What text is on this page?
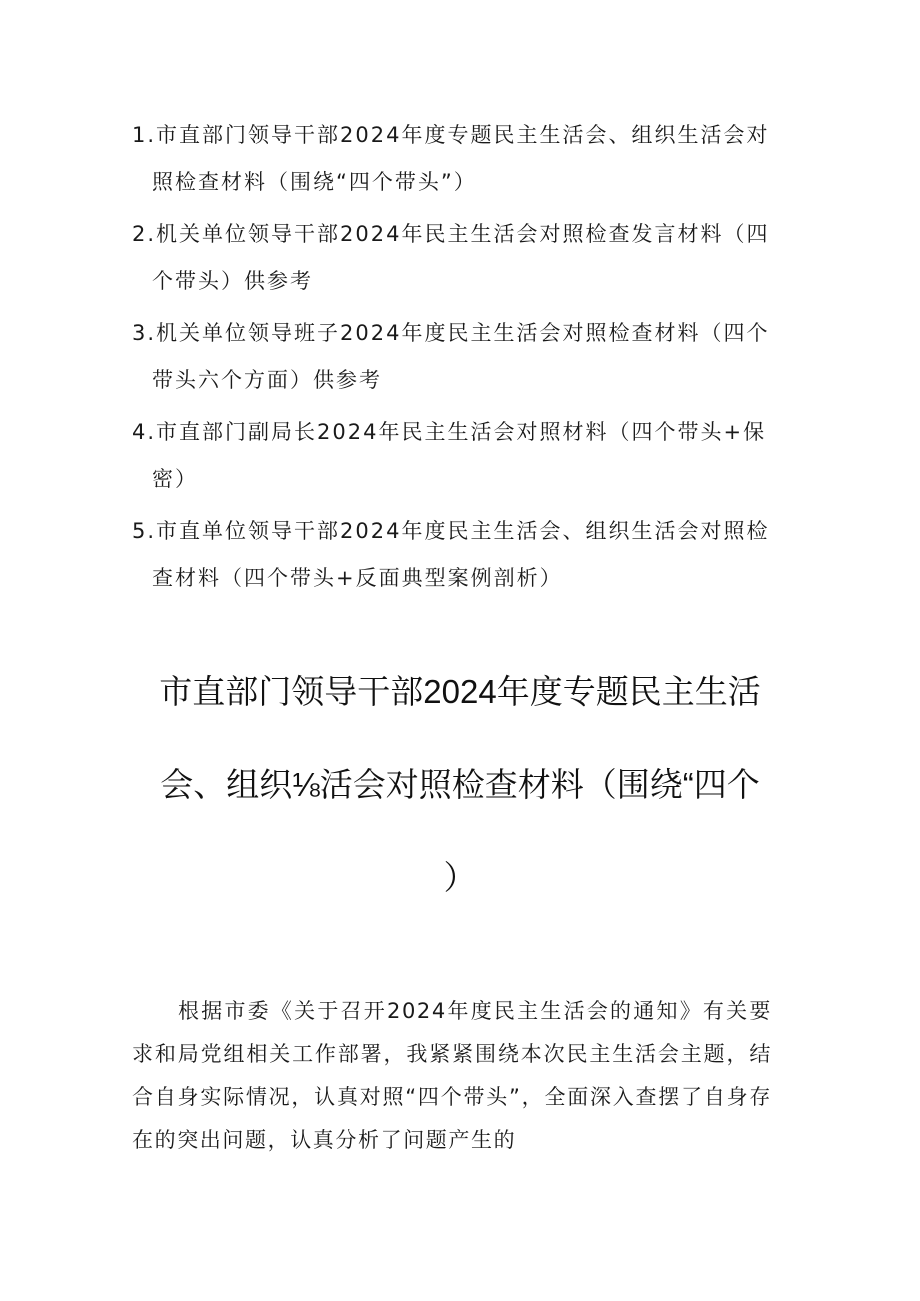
1.市直部门领导干部2024年度专题民主生活会、组织生活会对照检查材料（围绕“四个带头”）
2.机关单位领导干部2024年民主生活会对照检查发言材料（四个带头）供参考
3.机关单位领导班子2024年度民主生活会对照检查材料（四个带头六个方面）供参考
4.市直部门副局长2024年民主生活会对照材料（四个带头+保密）
5.市直单位领导干部2024年度民主生活会、组织生活会对照检查材料（四个带头+反面典型案例剖析）
市直部门领导干部2024年度专题民主生活
会、组织⅛活会对照检查材料（围绕“四个
）

根据市委《关于召开2024年度民主生活会的通知》有关要求和局党组相关工作部署，我紧紧围绕本次民主生活会主题，结合自身实际情况，认真对照“四个带头”，全面深入查摆了自身存在的突出问题，认真分析了问题产生的
